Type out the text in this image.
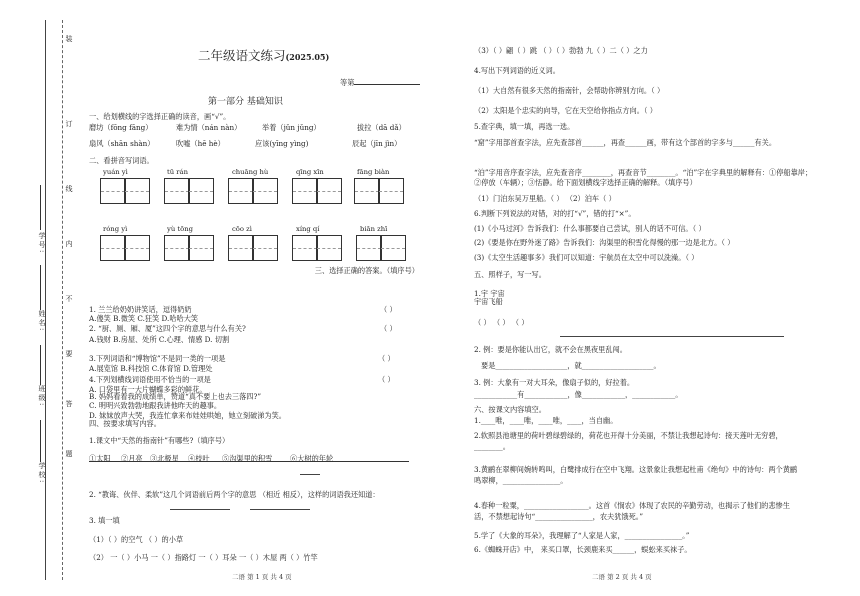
学号:
姓名:
班级:
学校:
装
订
线
内
不
要
答
题
二年级语文练习(2025.05)
等第
第一部分 基础知识
一、给划横线的字选择正确的读音，画“√”。
磨坊（fōng fāng）	难为情（nán nàn）	举着（jǔn jǔng）	拔拉（dā dǎ）
扇风（shān shàn）	吹嘘（hē hè）	应该(yīng yìng)	辰起（jīn jìn）
二、看拼音写词语。
yuán yì	tū rán	chuāng hù	qīng xīn	fāng biàn
róng yì	yù tōng	cōo zì	xíng qí	biān zhī
三、选择正确的答案。（填序号）
1. 兰兰给奶奶讲笑话，逗得奶奶	（ ）
A.傻笑 B.微笑 C.狂笑 D.哈哈大笑
2. “厨、厕、厢、厦”这四个字的意思与什么有关?	（ ）
A.钱财 B.房屋、处所 C.心理、情感 D. 切割
3.下列词语和“博物馆”不是同一类的一项是	（ ）
A.展览馆 B.科技馆 C.体育馆 D.管理处
4.下列划横线词语使用不恰当的一项是	（ ）
A. 口袋里有一大片蝴蝶多彩的鲜花。
B. 妈妈看着我的成绩单，赞道“真不要上也去三落四?”
C. 明明兴致勃勃地跟我讲他昨天的趣事。
D. 妹妹放声大哭，我连忙拿来布娃娃哄她，她立刻破涕为笑。
四、按要求填写内容。
1.课文中“天然的指南针”有哪些?（填序号）
①太阳 ②月亮 ③北极星 ④枝叶 ⑤沟渠里的积雪 ⑥大树的年轮
2. “教诲、伙伴、柔软”这几个词语前后两个字的意思 （相近 相反），这样的词语我还知道：
3. 填一填
（1）（ ）的空气 （ ）的小草
（2） 一（ ）小马 一（ ）指路灯 一（ ）耳朵 一（ ）木屋 两（ ）竹竿
二语 第 1 页 共 4 页
（3）（ ）翩（ ）跳 （ ）（ ）勃勃 九（ ）二（ ）之力
4.写出下列词语的近义词。
（1）大自然有很多天然的指南针，会帮助你辨别方向。（ ）
（2）太阳是个忠实的向导，它在天空给你指点方向。（ ）
5.查字典，填一填，再选一选。
“窟”字用部首查字法，应先查部首______，再查______画，带有这个部首的字多与______有关。
“泊”字用音序查字法，应先查音序________，再查音节________。“泊”字在字典里的解释有：①停船靠岸；②停放（车辆）；③恬静。给下面划横线字选择正确的解释。（填序号）
（1）门泊东吴万里船。（ ） （2）泊车（ ）
6.判断下列说法的对错，对的打“√”，错的打“×”。
(1)《小马过河》告诉我们：什么事都要自己尝试，别人的话不可信。（ ）
(2)《要是你在野外迷了路》告诉我们：沟渠里的积雪化得慢的那一边是北方。（ ）
(3)《太空生活趣事多》我们可以知道：宇航员在太空中可以洗澡。（ ）
五、照样子，写一写。
1.宇 宇宙
宇宙飞船
（ ） （ ） （ ）
2. 例：要是你能认出它，就不会在黑夜里乱闯。
要是____________________，就____________________。
3. 例：大象有一对大耳朵，像扇子似的，好拉着。
____________有____________，像____________，____________。
六、按课文内容填空。
1.____唯，____唯，____唯，____，当自幽。
2.软照县池塘里的荷叶碧绿碧绿的，荷花也开得十分美丽，不禁让我想起诗句：接天莲叶无穷碧，________。
3.黄鹂在翠柳间婉转鸣叫，白鹭排成行在空中飞翔。这景象让我想起杜甫《绝句》中的诗句：两个黄鹂鸣翠柳，________________。
4.春种一粒粟，__________________。这首《悯农》体现了农民的辛勤劳动，也揭示了他们的悲惨生活，不禁想起诗句“________________，农夫犹饿死。”
5.学了《大象的耳朵》，我理解了“人家是人家，________________。”
6.《蜘蛛开店》中， 来买口罩，长颈鹿来买______，蜈蚣来买袜子。
二语 第 2 页 共 4 页
